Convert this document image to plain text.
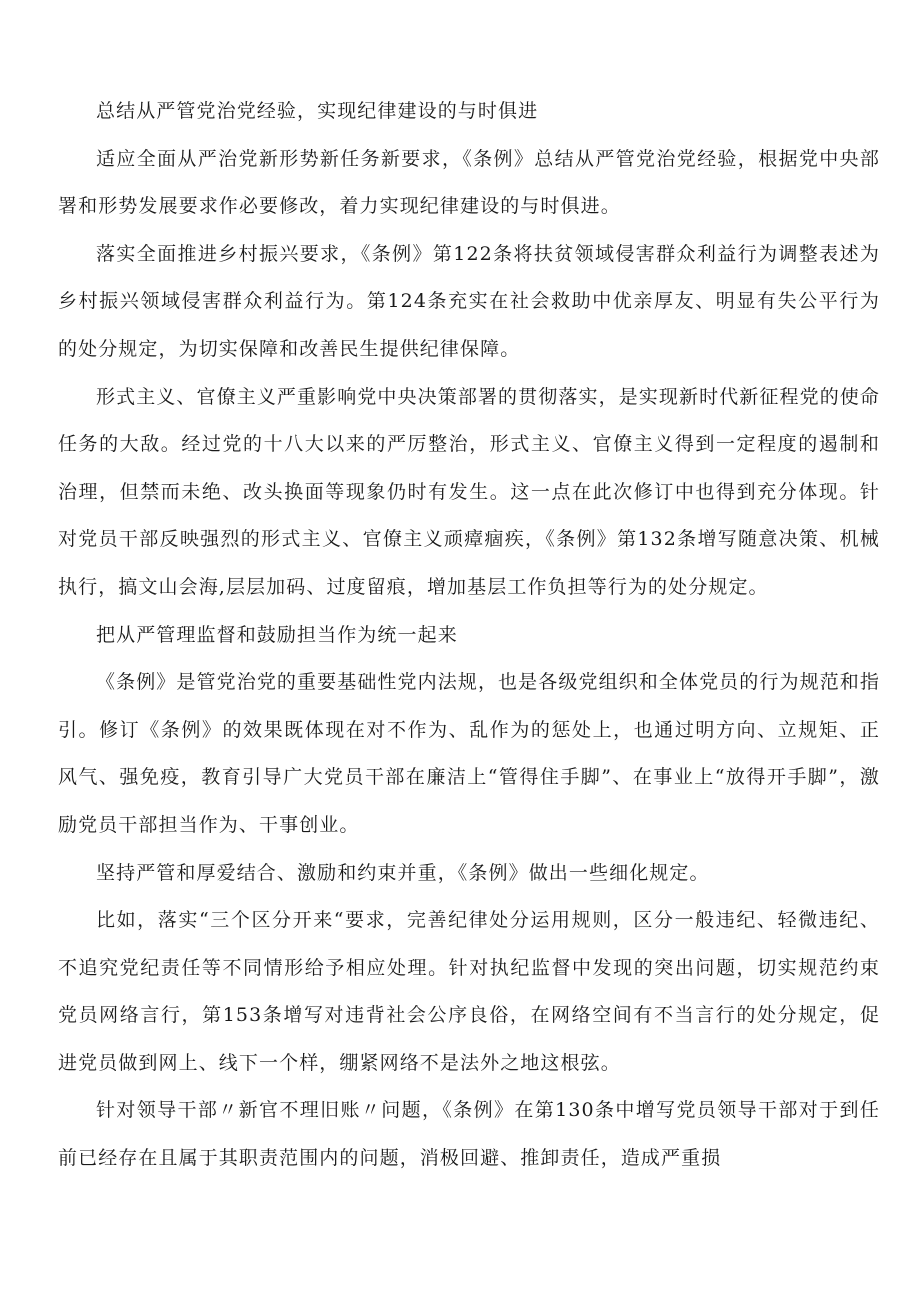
总结从严管党治党经验，实现纪律建设的与时俱进

适应全面从严治党新形势新任务新要求，《条例》总结从严管党治党经验，根据党中央部署和形势发展要求作必要修改，着力实现纪律建设的与时俱进。

落实全面推进乡村振兴要求，《条例》第122条将扶贫领域侵害群众利益行为调整表述为乡村振兴领域侵害群众利益行为。第124条充实在社会救助中优亲厚友、明显有失公平行为的处分规定，为切实保障和改善民生提供纪律保障。

形式主义、官僚主义严重影响党中央决策部署的贯彻落实，是实现新时代新征程党的使命任务的大敌。经过党的十八大以来的严厉整治，形式主义、官僚主义得到一定程度的遏制和治理，但禁而未绝、改头换面等现象仍时有发生。这一点在此次修订中也得到充分体现。针对党员干部反映强烈的形式主义、官僚主义顽瘴痼疾，《条例》第132条增写随意决策、机械执行，搞文山会海,层层加码、过度留痕，增加基层工作负担等行为的处分规定。

把从严管理监督和鼓励担当作为统一起来

《条例》是管党治党的重要基础性党内法规，也是各级党组织和全体党员的行为规范和指引。修订《条例》的效果既体现在对不作为、乱作为的惩处上，也通过明方向、立规矩、正风气、强免疫，教育引导广大党员干部在廉洁上“管得住手脚”、在事业上“放得开手脚”，激励党员干部担当作为、干事创业。

坚持严管和厚爱结合、激励和约束并重，《条例》做出一些细化规定。

比如，落实“三个区分开来“要求，完善纪律处分运用规则，区分一般违纪、轻微违纪、不追究党纪责任等不同情形给予相应处理。针对执纪监督中发现的突出问题，切实规范约束党员网络言行，第153条增写对违背社会公序良俗，在网络空间有不当言行的处分规定，促进党员做到网上、线下一个样，绷紧网络不是法外之地这根弦。

针对领导干部〃新官不理旧账〃问题，《条例》在第130条中增写党员领导干部对于到任前已经存在且属于其职责范围内的问题，消极回避、推卸责任，造成严重损
